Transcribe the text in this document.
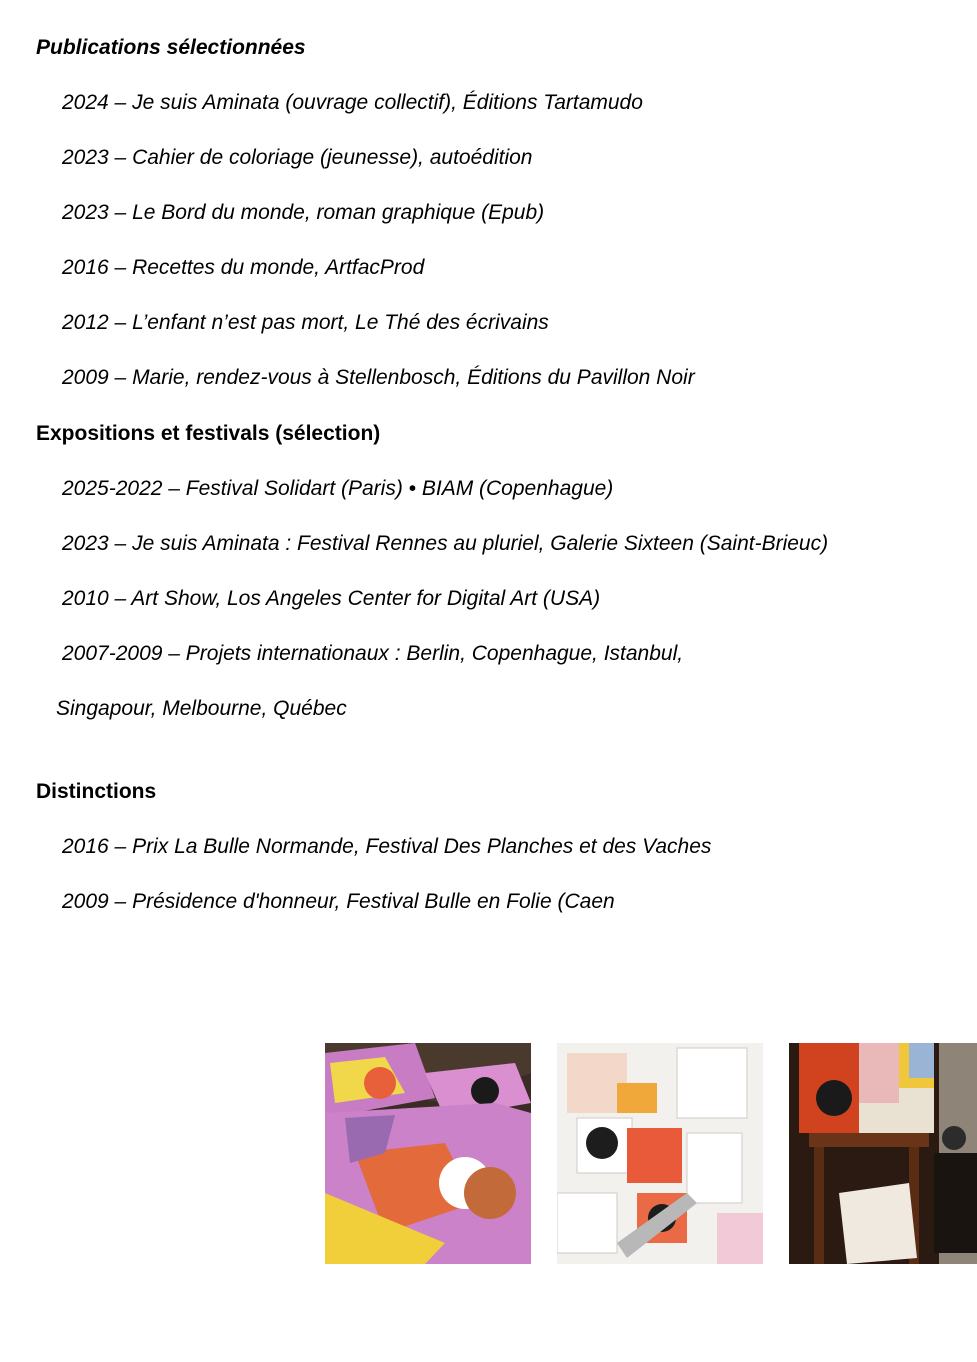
Publications sélectionnées

2024 – Je suis Aminata (ouvrage collectif), Éditions Tartamudo

2023 – Cahier de coloriage (jeunesse), autoédition

2023 – Le Bord du monde, roman graphique (Epub)

2016 – Recettes du monde, ArtfacProd

2012 – L’enfant n’est pas mort, Le Thé des écrivains

2009 – Marie, rendez-vous à Stellenbosch, Éditions du Pavillon Noir

Expositions et festivals (sélection)

2025-2022 – Festival Solidart (Paris) • BIAM (Copenhague)

2023 – Je suis Aminata : Festival Rennes au pluriel, Galerie Sixteen (Saint-Brieuc)

2010 – Art Show, Los Angeles Center for Digital Art (USA)

2007-2009 – Projets internationaux : Berlin, Copenhague, Istanbul,

Singapour, Melbourne, Québec

Distinctions

2016 – Prix La Bulle Normande, Festival Des Planches et des Vaches

2009 – Présidence d'honneur, Festival Bulle en Folie (Caen
